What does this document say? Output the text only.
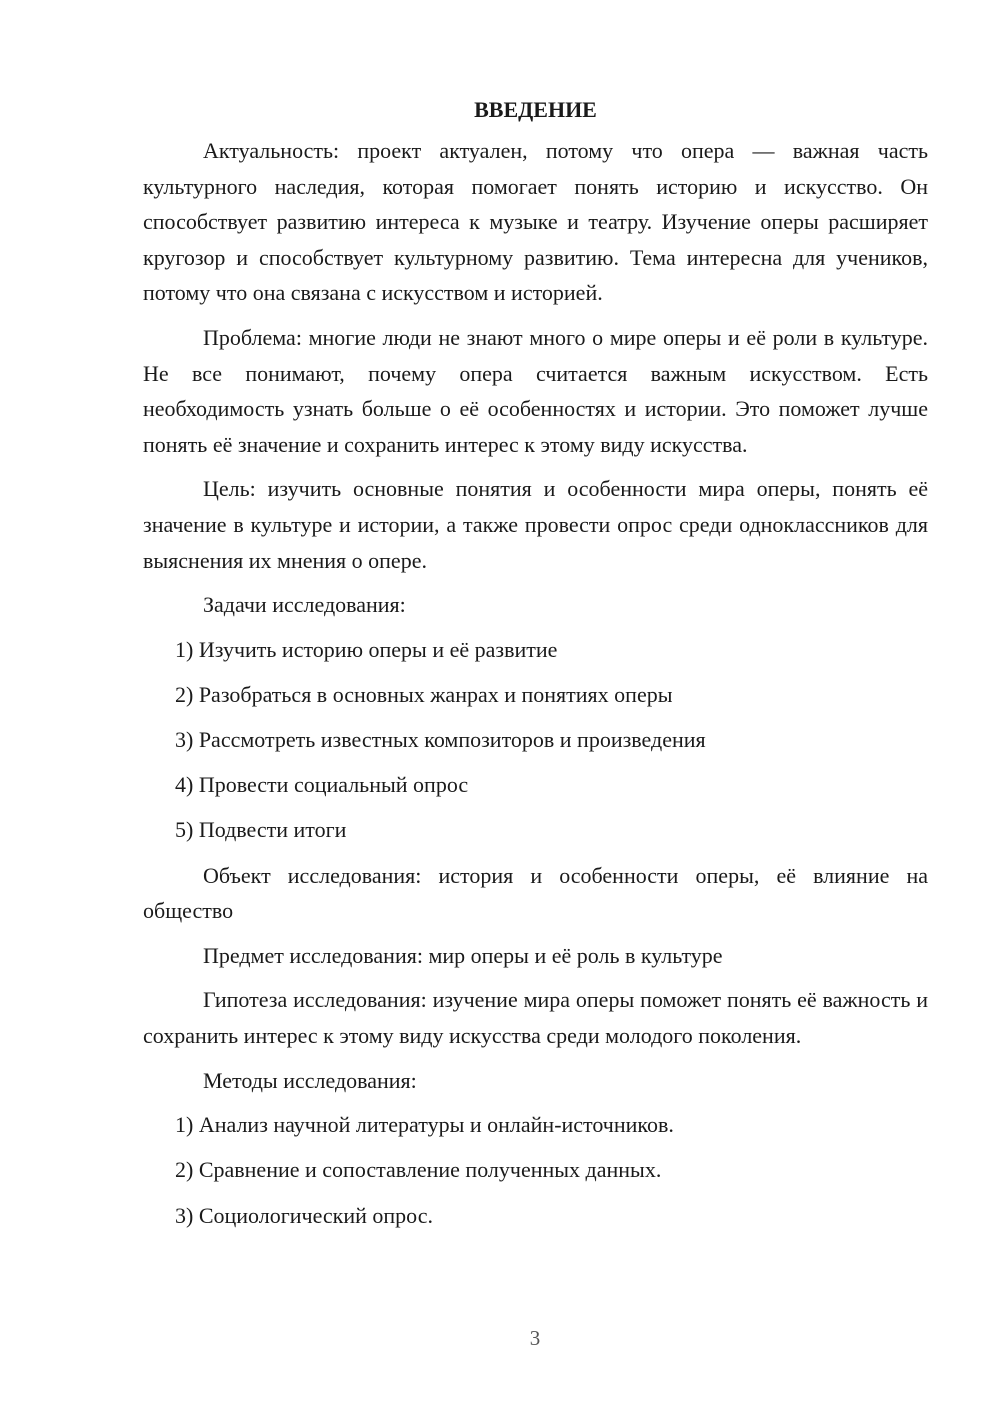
ВВЕДЕНИЕ
Актуальность: проект актуален, потому что опера — важная часть культурного наследия, которая помогает понять историю и искусство. Он способствует развитию интереса к музыке и театру. Изучение оперы расширяет кругозор и способствует культурному развитию. Тема интересна для учеников, потому что она связана с искусством и историей.
Проблема: многие люди не знают много о мире оперы и её роли в культуре. Не все понимают, почему опера считается важным искусством. Есть необходимость узнать больше о её особенностях и истории. Это поможет лучше понять её значение и сохранить интерес к этому виду искусства.
Цель: изучить основные понятия и особенности мира оперы, понять её значение в культуре и истории, а также провести опрос среди одноклассников для выяснения их мнения о опере.
Задачи исследования:
1) Изучить историю оперы и её развитие
2) Разобраться в основных жанрах и понятиях оперы
3) Рассмотреть известных композиторов и произведения
4) Провести социальный опрос
5) Подвести итоги
Объект исследования: история и особенности оперы, её влияние на общество
Предмет исследования: мир оперы и её роль в культуре
Гипотеза исследования: изучение мира оперы поможет понять её важность и сохранить интерес к этому виду искусства среди молодого поколения.
Методы исследования:
1) Анализ научной литературы и онлайн-источников.
2) Сравнение и сопоставление полученных данных.
3) Социологический опрос.
3
